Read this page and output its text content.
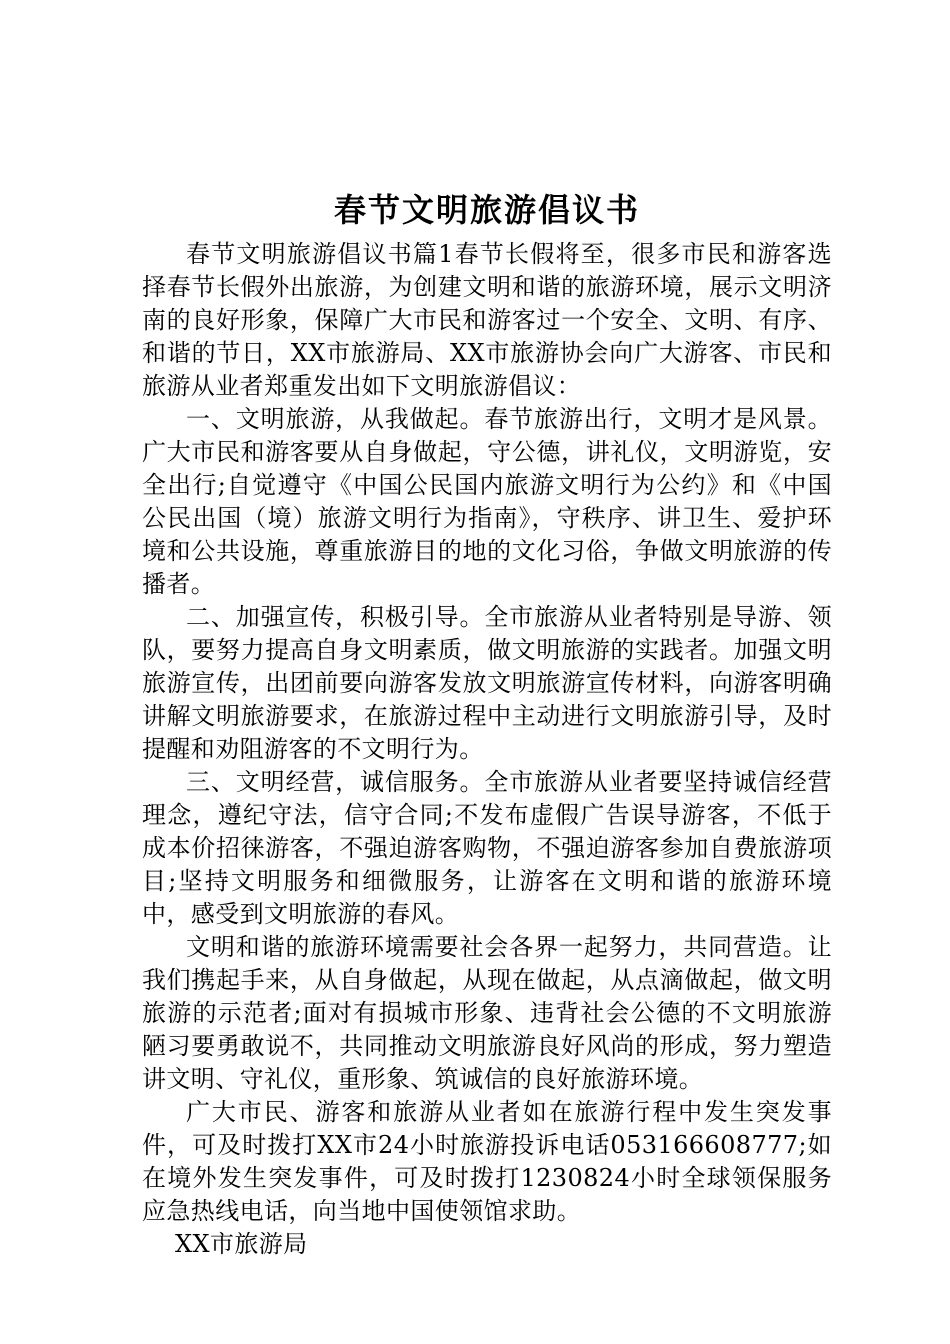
春节文明旅游倡议书

春节文明旅游倡议书篇1春节长假将至，很多市民和游客选择春节长假外出旅游，为创建文明和谐的旅游环境，展示文明济南的良好形象，保障广大市民和游客过一个安全、文明、有序、和谐的节日，XX市旅游局、XX市旅游协会向广大游客、市民和旅游从业者郑重发出如下文明旅游倡议：

一、文明旅游，从我做起。春节旅游出行，文明才是风景。广大市民和游客要从自身做起，守公德，讲礼仪，文明游览，安全出行;自觉遵守《中国公民国内旅游文明行为公约》和《中国公民出国（境）旅游文明行为指南》，守秩序、讲卫生、爱护环境和公共设施，尊重旅游目的地的文化习俗，争做文明旅游的传播者。

二、加强宣传，积极引导。全市旅游从业者特别是导游、领队，要努力提高自身文明素质，做文明旅游的实践者。加强文明旅游宣传，出团前要向游客发放文明旅游宣传材料，向游客明确讲解文明旅游要求，在旅游过程中主动进行文明旅游引导，及时提醒和劝阻游客的不文明行为。

三、文明经营，诚信服务。全市旅游从业者要坚持诚信经营理念，遵纪守法，信守合同;不发布虚假广告误导游客，不低于成本价招徕游客，不强迫游客购物，不强迫游客参加自费旅游项目;坚持文明服务和细微服务，让游客在文明和谐的旅游环境中，感受到文明旅游的春风。

文明和谐的旅游环境需要社会各界一起努力，共同营造。让我们携起手来，从自身做起，从现在做起，从点滴做起，做文明旅游的示范者;面对有损城市形象、违背社会公德的不文明旅游陋习要勇敢说不，共同推动文明旅游良好风尚的形成，努力塑造讲文明、守礼仪，重形象、筑诚信的良好旅游环境。

广大市民、游客和旅游从业者如在旅游行程中发生突发事件，可及时拨打XX市24小时旅游投诉电话053166608777;如在境外发生突发事件，可及时拨打1230824小时全球领保服务应急热线电话，向当地中国使领馆求助。

XX市旅游局
